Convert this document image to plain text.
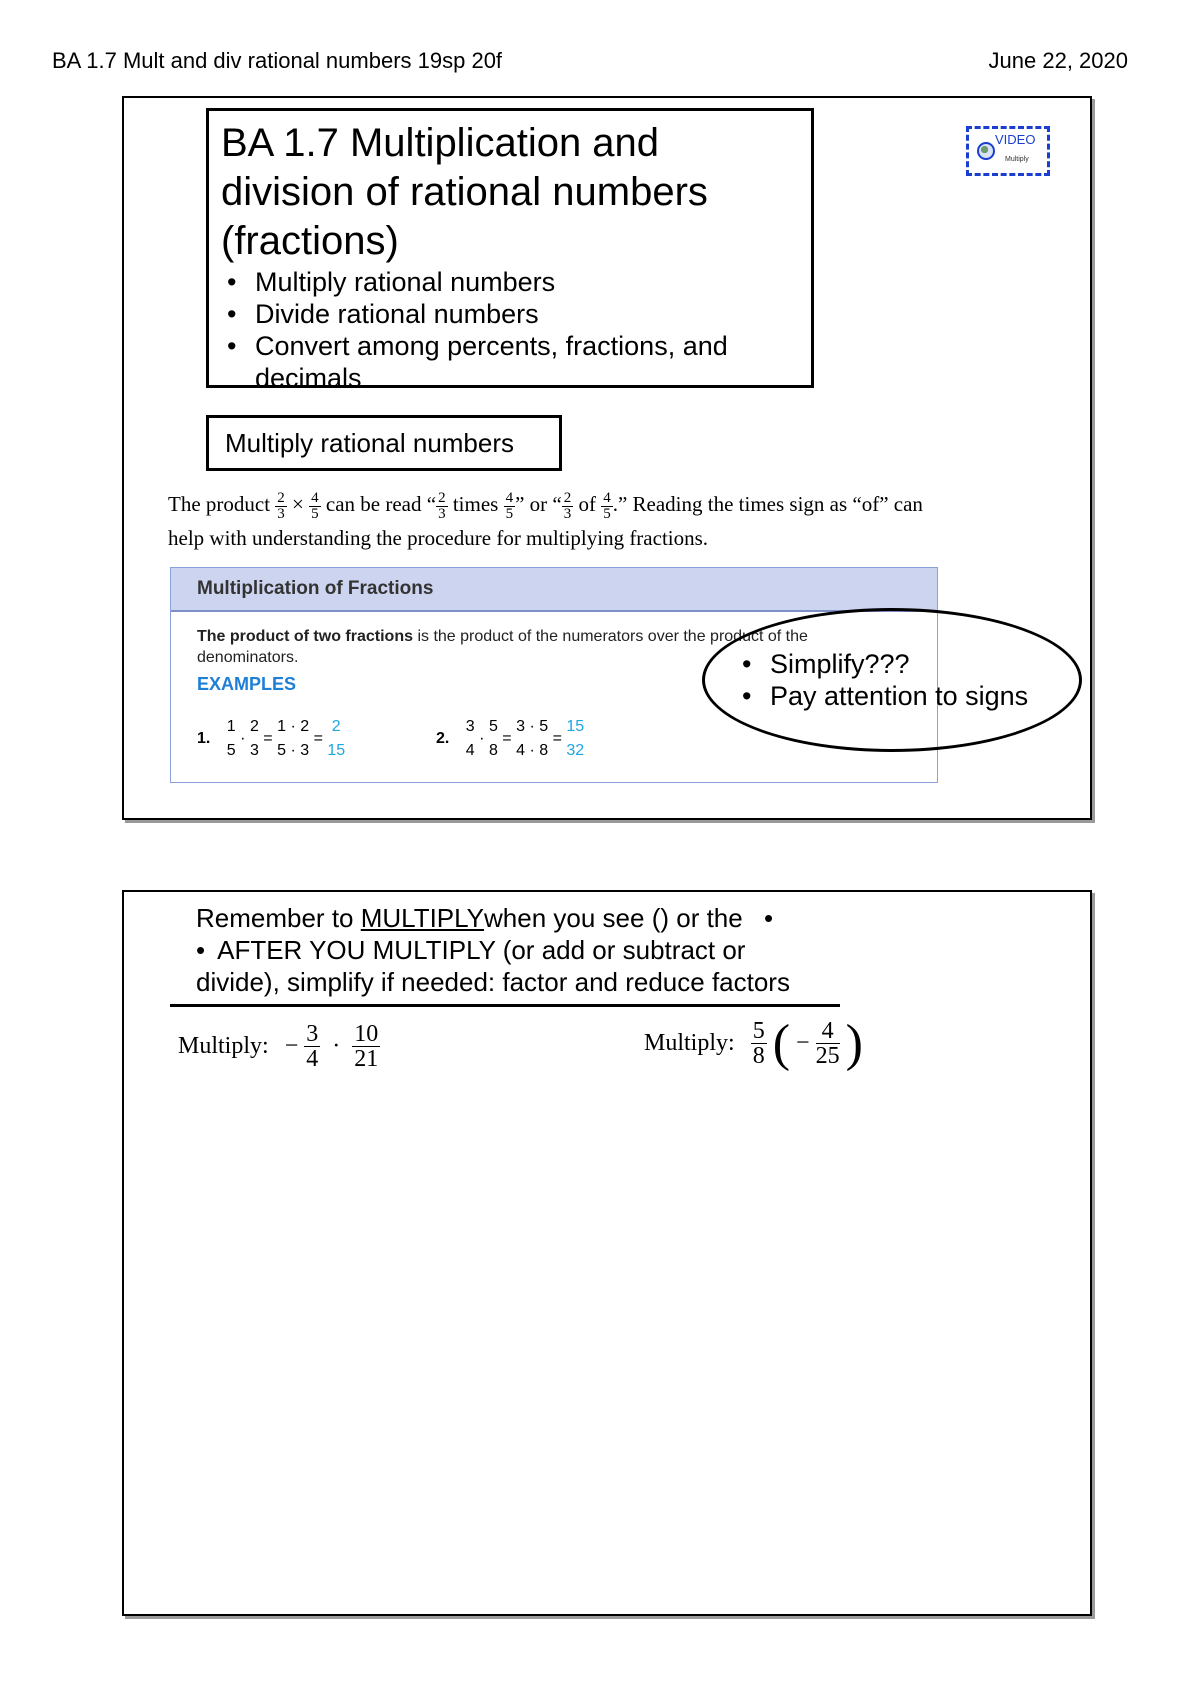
BA 1.7 Mult and div rational numbers 19sp 20f	June 22, 2020
BA 1.7 Multiplication and division of rational numbers (fractions)
• Multiply rational numbers
• Divide rational numbers
• Convert among percents, fractions, and decimals
VIDEO
Multiply
Multiply rational numbers
The product $\frac{2}{3} \times \frac{4}{5}$ can be read “ $\frac{2}{3}$ times $\frac{4}{5}$ ” or “ $\frac{2}{3}$ of $\frac{4}{5}$ .” Reading the times sign as “of” can
help with understanding the procedure for multiplying fractions.
Multiplication of Fractions
The product of two fractions is the product of the numerators over the product of the denominators.
EXAMPLES
1.
1
5
·
2
3
=
1 · 2
5 · 3
=
2
15
2.
3
4
·
5
8
=
3 · 5
4 · 8
=
15
32
• Simplify???
• Pay attention to signs
Remember to MULTIPLYwhen you see () or the •
• AFTER YOU MULTIPLY (or add or subtract or
divide), simplify if needed: factor and reduce factors
Multiply: − $\frac{3}{4} \cdot \frac{10}{21}$	Multiply: $\frac{5}{8}$ ( − $\frac{4}{25}$ )
